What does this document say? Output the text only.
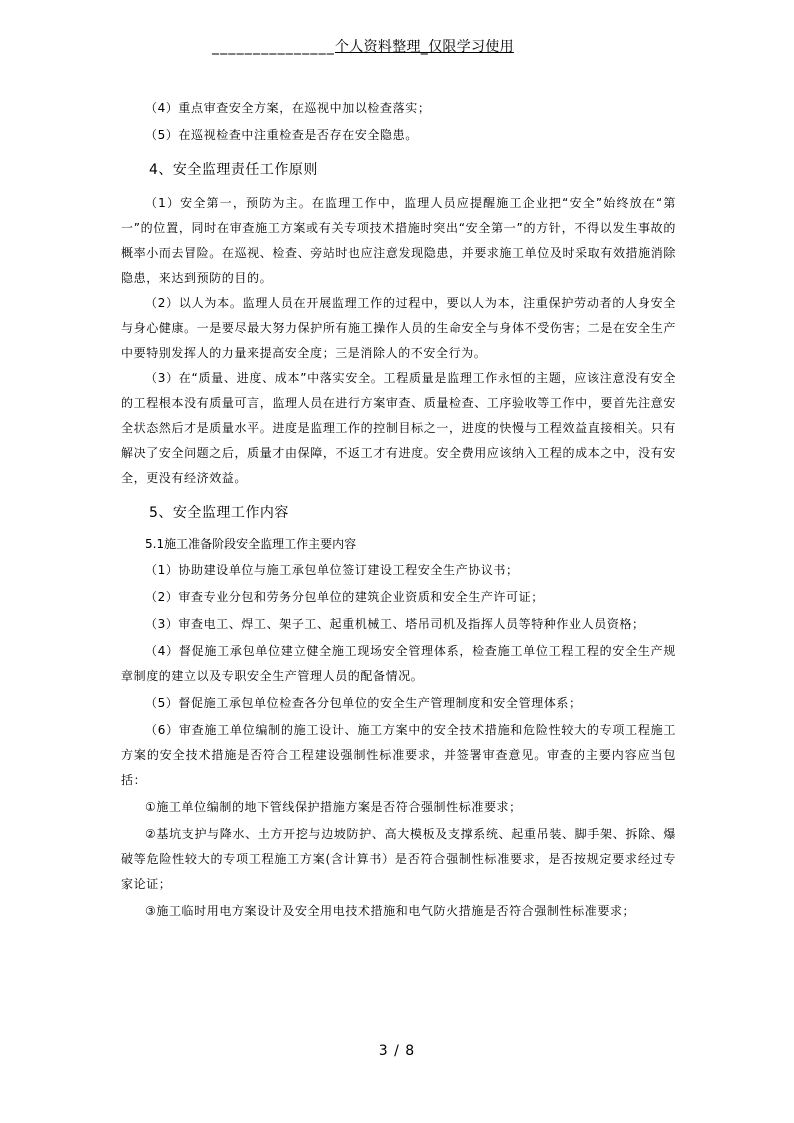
_______________个人资料整理_仅限学习使用

（4）重点审查安全方案，在巡视中加以检查落实；

（5）在巡视检查中注重检查是否存在安全隐患。

4、安全监理责任工作原则

（1）安全第一，预防为主。在监理工作中，监理人员应提醒施工企业把“安全”始终放在“第一”的位置，同时在审查施工方案或有关专项技术措施时突出“安全第一”的方针，不得以发生事故的概率小而去冒险。在巡视、检查、旁站时也应注意发现隐患，并要求施工单位及时采取有效措施消除隐患，来达到预防的目的。

（2）以人为本。监理人员在开展监理工作的过程中，要以人为本，注重保护劳动者的人身安全与身心健康。一是要尽最大努力保护所有施工操作人员的生命安全与身体不受伤害；二是在安全生产中要特别发挥人的力量来提高安全度；三是消除人的不安全行为。

（3）在“质量、进度、成本”中落实安全。工程质量是监理工作永恒的主题，应该注意没有安全的工程根本没有质量可言，监理人员在进行方案审查、质量检查、工序验收等工作中，要首先注意安全状态然后才是质量水平。进度是监理工作的控制目标之一，进度的快慢与工程效益直接相关。只有解决了安全问题之后，质量才由保障，不返工才有进度。安全费用应该纳入工程的成本之中，没有安全，更没有经济效益。

5、安全监理工作内容
5.1施工准备阶段安全监理工作主要内容

（1）协助建设单位与施工承包单位签订建设工程安全生产协议书；

（2）审查专业分包和劳务分包单位的建筑企业资质和安全生产许可证；

（3）审查电工、焊工、架子工、起重机械工、塔吊司机及指挥人员等特种作业人员资格；

（4）督促施工承包单位建立健全施工现场安全管理体系，检查施工单位工程工程的安全生产规章制度的建立以及专职安全生产管理人员的配备情况。

（5）督促施工承包单位检查各分包单位的安全生产管理制度和安全管理体系；

（6）审查施工单位编制的施工设计、施工方案中的安全技术措施和危险性较大的专项工程施工方案的安全技术措施是否符合工程建设强制性标准要求，并签署审查意见。审查的主要内容应当包括：

①施工单位编制的地下管线保护措施方案是否符合强制性标准要求；

②基坑支护与降水、土方开挖与边坡防护、高大模板及支撑系统、起重吊装、脚手架、拆除、爆破等危险性较大的专项工程施工方案(含计算书）是否符合强制性标准要求，是否按规定要求经过专家论证；

③施工临时用电方案设计及安全用电技术措施和电气防火措施是否符合强制性标准要求；

3 / 8
